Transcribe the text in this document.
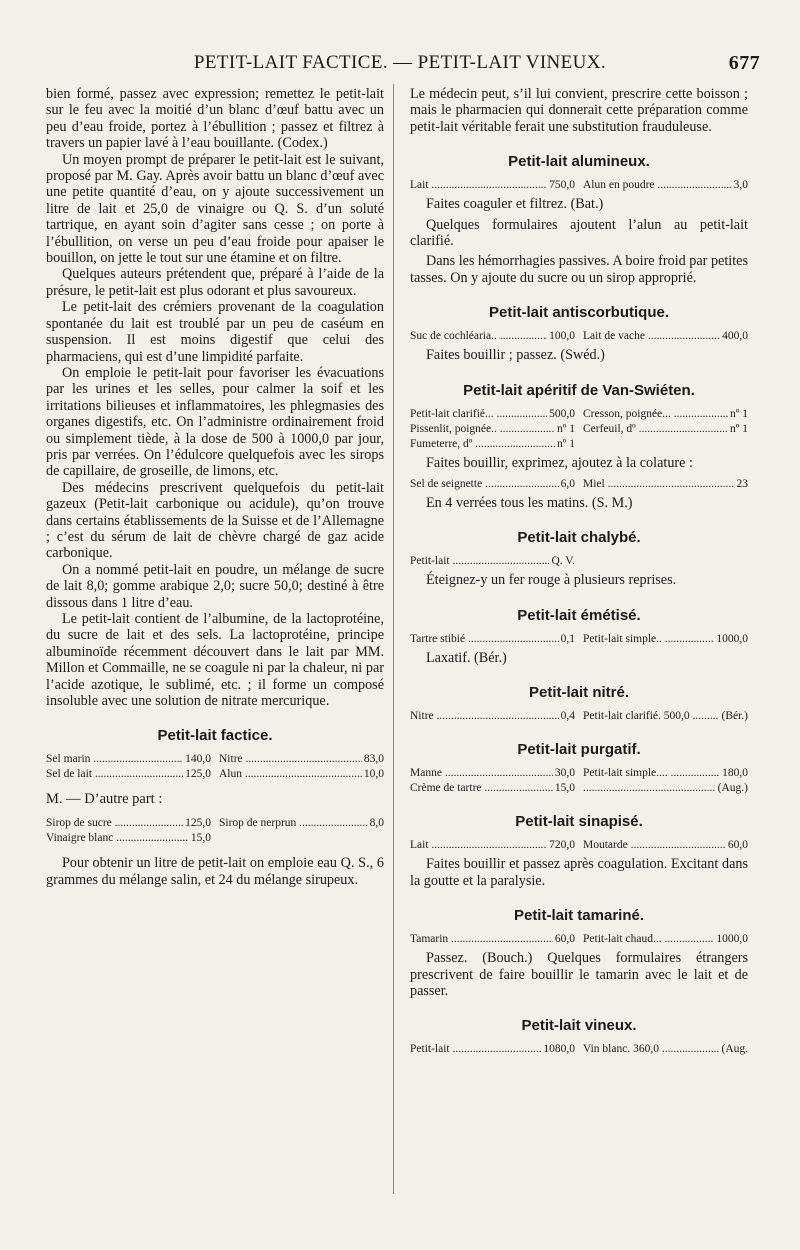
PETIT-LAIT FACTICE. — PETIT-LAIT VINEUX.	677

bien formé, passez avec expression; remettez le petit-lait sur le feu avec la moitié d’un blanc d’œuf battu avec un peu d’eau froide, portez à l’ébullition ; passez et filtrez à travers un papier lavé à l’eau bouillante. (Codex.)

Un moyen prompt de préparer le petit-lait est le suivant, proposé par M. Gay. Après avoir battu un blanc d’œuf avec une petite quantité d’eau, on y ajoute successivement un litre de lait et 25,0 de vinaigre ou Q. S. d’un soluté tartrique, en ayant soin d’agiter sans cesse ; on porte à l’ébullition, on verse un peu d’eau froide pour apaiser le bouillon, on jette le tout sur une étamine et on filtre.

Quelques auteurs prétendent que, préparé à l’aide de la présure, le petit-lait est plus odorant et plus savoureux.

Le petit-lait des crémiers provenant de la coagulation spontanée du lait est troublé par un peu de caséum en suspension. Il est moins digestif que celui des pharmaciens, qui est d’une limpidité parfaite.

On emploie le petit-lait pour favoriser les évacuations par les urines et les selles, pour calmer la soif et les irritations bilieuses et inflammatoires, les phlegmasies des organes digestifs, etc. On l’administre ordinairement froid ou simplement tiède, à la dose de 500 à 1000,0 par jour, pris par verrées. On l’édulcore quelquefois avec les sirops de capillaire, de groseille, de limons, etc.

Des médecins prescrivent quelquefois du petit-lait gazeux (Petit-lait carbonique ou acidule), qu’on trouve dans certains établissements de la Suisse et de l’Allemagne ; c’est du sérum de lait de chèvre chargé de gaz acide carbonique.

On a nommé petit-lait en poudre, un mélange de sucre de lait 8,0; gomme arabique 2,0; sucre 50,0; destiné à être dissous dans 1 litre d’eau.

Le petit-lait contient de l’albumine, de la lactoprotéine, du sucre de lait et des sels. La lactoprotéine, principe albuminoïde récemment découvert dans le lait par MM. Millon et Commaille, ne se coagule ni par la chaleur, ni par l’acide azotique, le sublimé, etc. ; il forme un composé insoluble avec une solution de nitrate mercurique.

Petit-lait factice.
Sel marin .....	140,0 Nitre .....	83,0
Sel de lait .....	125,0 Alun .....	10,0
M. — D’autre part :
Sirop de sucre .....	125,0 Sirop de nerprun .....	8,0
Vinaigre blanc .....	15,0

Pour obtenir un litre de petit-lait on emploie eau Q. S., 6 grammes du mélange salin, et 24 du mélange sirupeux.

Le médecin peut, s’il lui convient, prescrire cette boisson ; mais le pharmacien qui donnerait cette préparation comme petit-lait véritable ferait une substitution frauduleuse.

Petit-lait alumineux.
Lait .....	750,0 Alun en poudre .....	3,0

Faites coaguler et filtrez. (Bat.)

Quelques formulaires ajoutent l’alun au petit-lait clarifié.

Dans les hémorrhagies passives. A boire froid par petites tasses. On y ajoute du sucre ou un sirop approprié.

Petit-lait antiscorbutique.
Suc de cochléaria.. .....	100,0 Lait de vache .....	400,0

Faites bouillir ; passez. (Swéd.)

Petit-lait apéritif de Van-Swiéten.
Petit-lait clarifié... .....	500,0 Cresson, poignée... .....	nº 1
Pissenlit, poignée.. .....	nº 1 Cerfeuil, dº .....	nº 1
Fumeterre, dº .....	nº 1

Faites bouillir, exprimez, ajoutez à la colature :

Sel de seignette .....	6,0 Miel .....	23

En 4 verrées tous les matins. (S. M.)

Petit-lait chalybé.
Petit-lait .....	Q. V.

Éteignez-y un fer rouge à plusieurs reprises.

Petit-lait émétisé.
Tartre stibié .....	0,1 Petit-lait simple.. .....	1000,0

Laxatif. (Bér.)

Petit-lait nitré.
Nitre .....	0,4 Petit-lait clarifié. 500,0 .....	(Bér.)
Petit-lait purgatif.
Manne .....	30,0 Petit-lait simple.... .....	180,0
Crème de tartre .....	15,0
.....	(Aug.)
Petit-lait sinapisé.
Lait .....	720,0 Moutarde .....	60,0

Faites bouillir et passez après coagulation. Excitant dans la goutte et la paralysie.

Petit-lait tamariné.
Tamarin .....	60,0 Petit-lait chaud... .....	1000,0

Passez. (Bouch.) Quelques formulaires étrangers prescrivent de faire bouillir le tamarin avec le lait et de passer.

Petit-lait vineux.
Petit-lait .....	1080,0 Vin blanc. 360,0 .....	(Aug.
